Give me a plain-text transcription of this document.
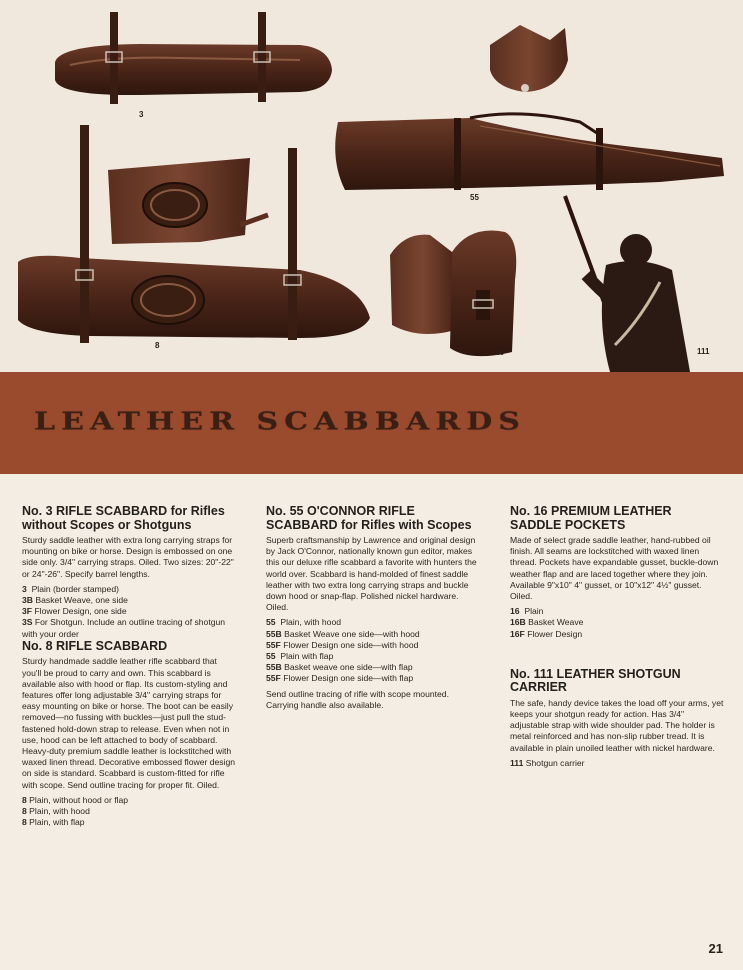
3
55
8
16	111
LEATHER SCABBARDS
No. 3 RIFLE SCABBARD for Rifles without Scopes or Shotguns

Sturdy saddle leather with extra long carrying straps for mounting on bike or horse. Design is embossed on one side only. 3/4" carrying straps. Oiled. Two sizes: 20"-22" or 24"-26". Specify barrel lengths.

3 Plain (border stamped)
3B Basket Weave, one side
3F Flower Design, one side
3S For Shotgun. Include an outline tracing of shotgun with your order
No. 8 RIFLE SCABBARD

Sturdy handmade saddle leather rifle scabbard that you'll be proud to carry and own. This scabbard is available also with hood or flap. Its custom-styling and features offer long adjustable 3/4" carrying straps for easy mounting on bike or horse. The boot can be easily removed—no fussing with buckles—just pull the stud-fastened hold-down strap to release. Even when not in use, hood can be left attached to body of scabbard. Heavy-duty premium saddle leather is lockstitched with waxed linen thread. Decorative embossed flower design on side is standard. Scabbard is custom-fitted for rifle with scope. Send outline tracing for proper fit. Oiled.

8 Plain, without hood or flap
8 Plain, with hood
8 Plain, with flap
No. 55 O'CONNOR RIFLE SCABBARD for Rifles with Scopes

Superb craftsmanship by Lawrence and original design by Jack O'Connor, nationally known gun editor, makes this our deluxe rifle scabbard a favorite with hunters the world over. Scabbard is hand-molded of finest saddle leather with two extra long carrying straps and buckle down hood or snap-flap. Polished nickel hardware. Oiled.

55 Plain, with hood
55B Basket Weave one side—with hood
55F Flower Design one side—with hood
55 Plain with flap
55B Basket weave one side—with flap
55F Flower Design one side—with flap

Send outline tracing of rifle with scope mounted. Carrying handle also available.

No. 16 PREMIUM LEATHER SADDLE POCKETS

Made of select grade saddle leather, hand-rubbed oil finish. All seams are lockstitched with waxed linen thread. Pockets have expandable gusset, buckle-down weather flap and are laced together where they join. Available 9"x10" 4" gusset, or 10"x12" 4½" gusset. Oiled.

16 Plain
16B Basket Weave
16F Flower Design
No. 111 LEATHER SHOTGUN CARRIER

The safe, handy device takes the load off your arms, yet keeps your shotgun ready for action. Has 3/4" adjustable strap with wide shoulder pad. The holder is metal reinforced and has non-slip rubber tread. It is available in plain unoiled leather with nickel hardware.

111 Shotgun carrier
21
